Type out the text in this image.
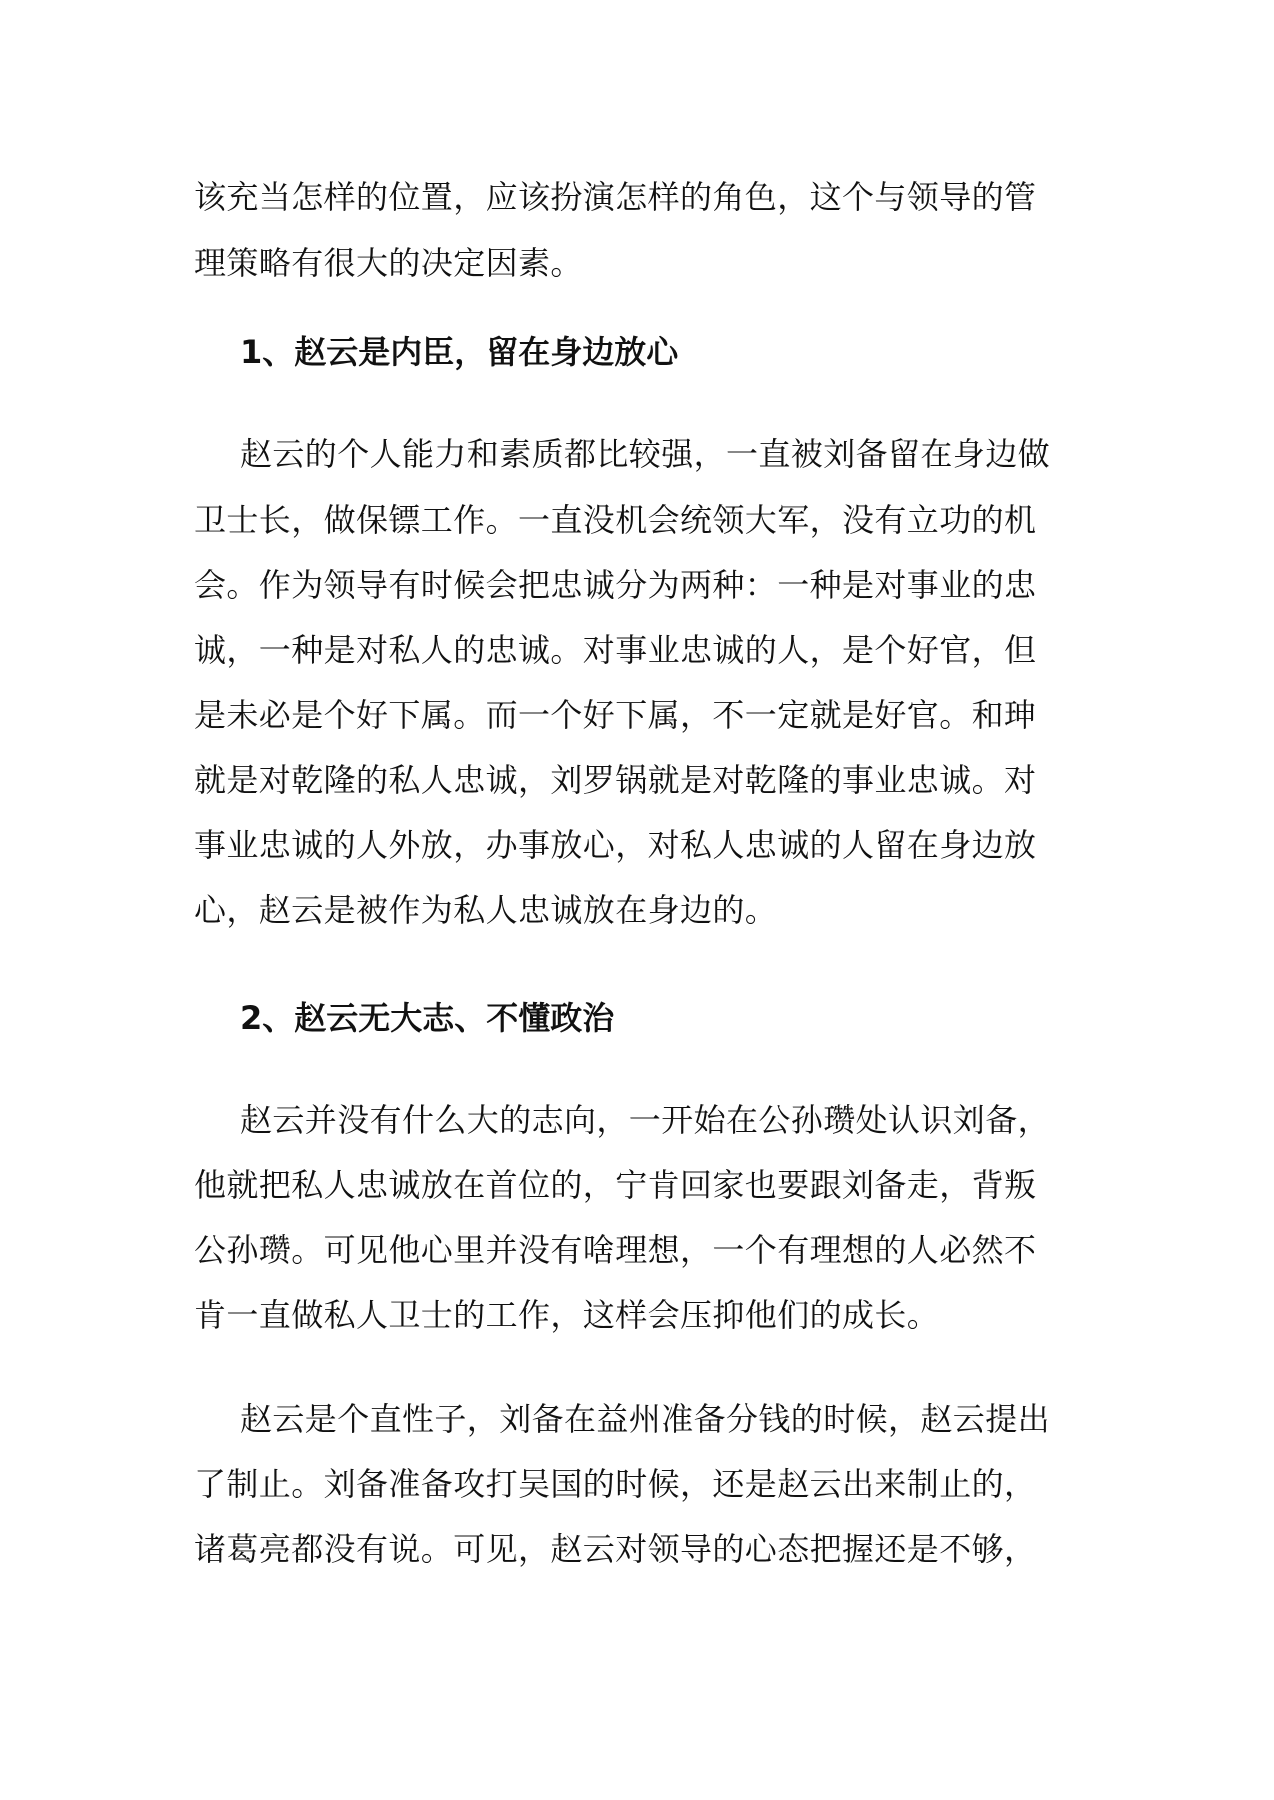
该充当怎样的位置，应该扮演怎样的角色，这个与领导的管
理策略有很大的决定因素。
1、赵云是内臣，留在身边放心
赵云的个人能力和素质都比较强，一直被刘备留在身边做
卫士长，做保镖工作。一直没机会统领大军，没有立功的机
会。作为领导有时候会把忠诚分为两种：一种是对事业的忠
诚，一种是对私人的忠诚。对事业忠诚的人，是个好官，但
是未必是个好下属。而一个好下属，不一定就是好官。和珅
就是对乾隆的私人忠诚，刘罗锅就是对乾隆的事业忠诚。对
事业忠诚的人外放，办事放心，对私人忠诚的人留在身边放
心，赵云是被作为私人忠诚放在身边的。
2、赵云无大志、不懂政治
赵云并没有什么大的志向，一开始在公孙瓒处认识刘备，
他就把私人忠诚放在首位的，宁肯回家也要跟刘备走，背叛
公孙瓒。可见他心里并没有啥理想，一个有理想的人必然不
肯一直做私人卫士的工作，这样会压抑他们的成长。
赵云是个直性子，刘备在益州准备分钱的时候，赵云提出
了制止。刘备准备攻打吴国的时候，还是赵云出来制止的，
诸葛亮都没有说。可见，赵云对领导的心态把握还是不够，
